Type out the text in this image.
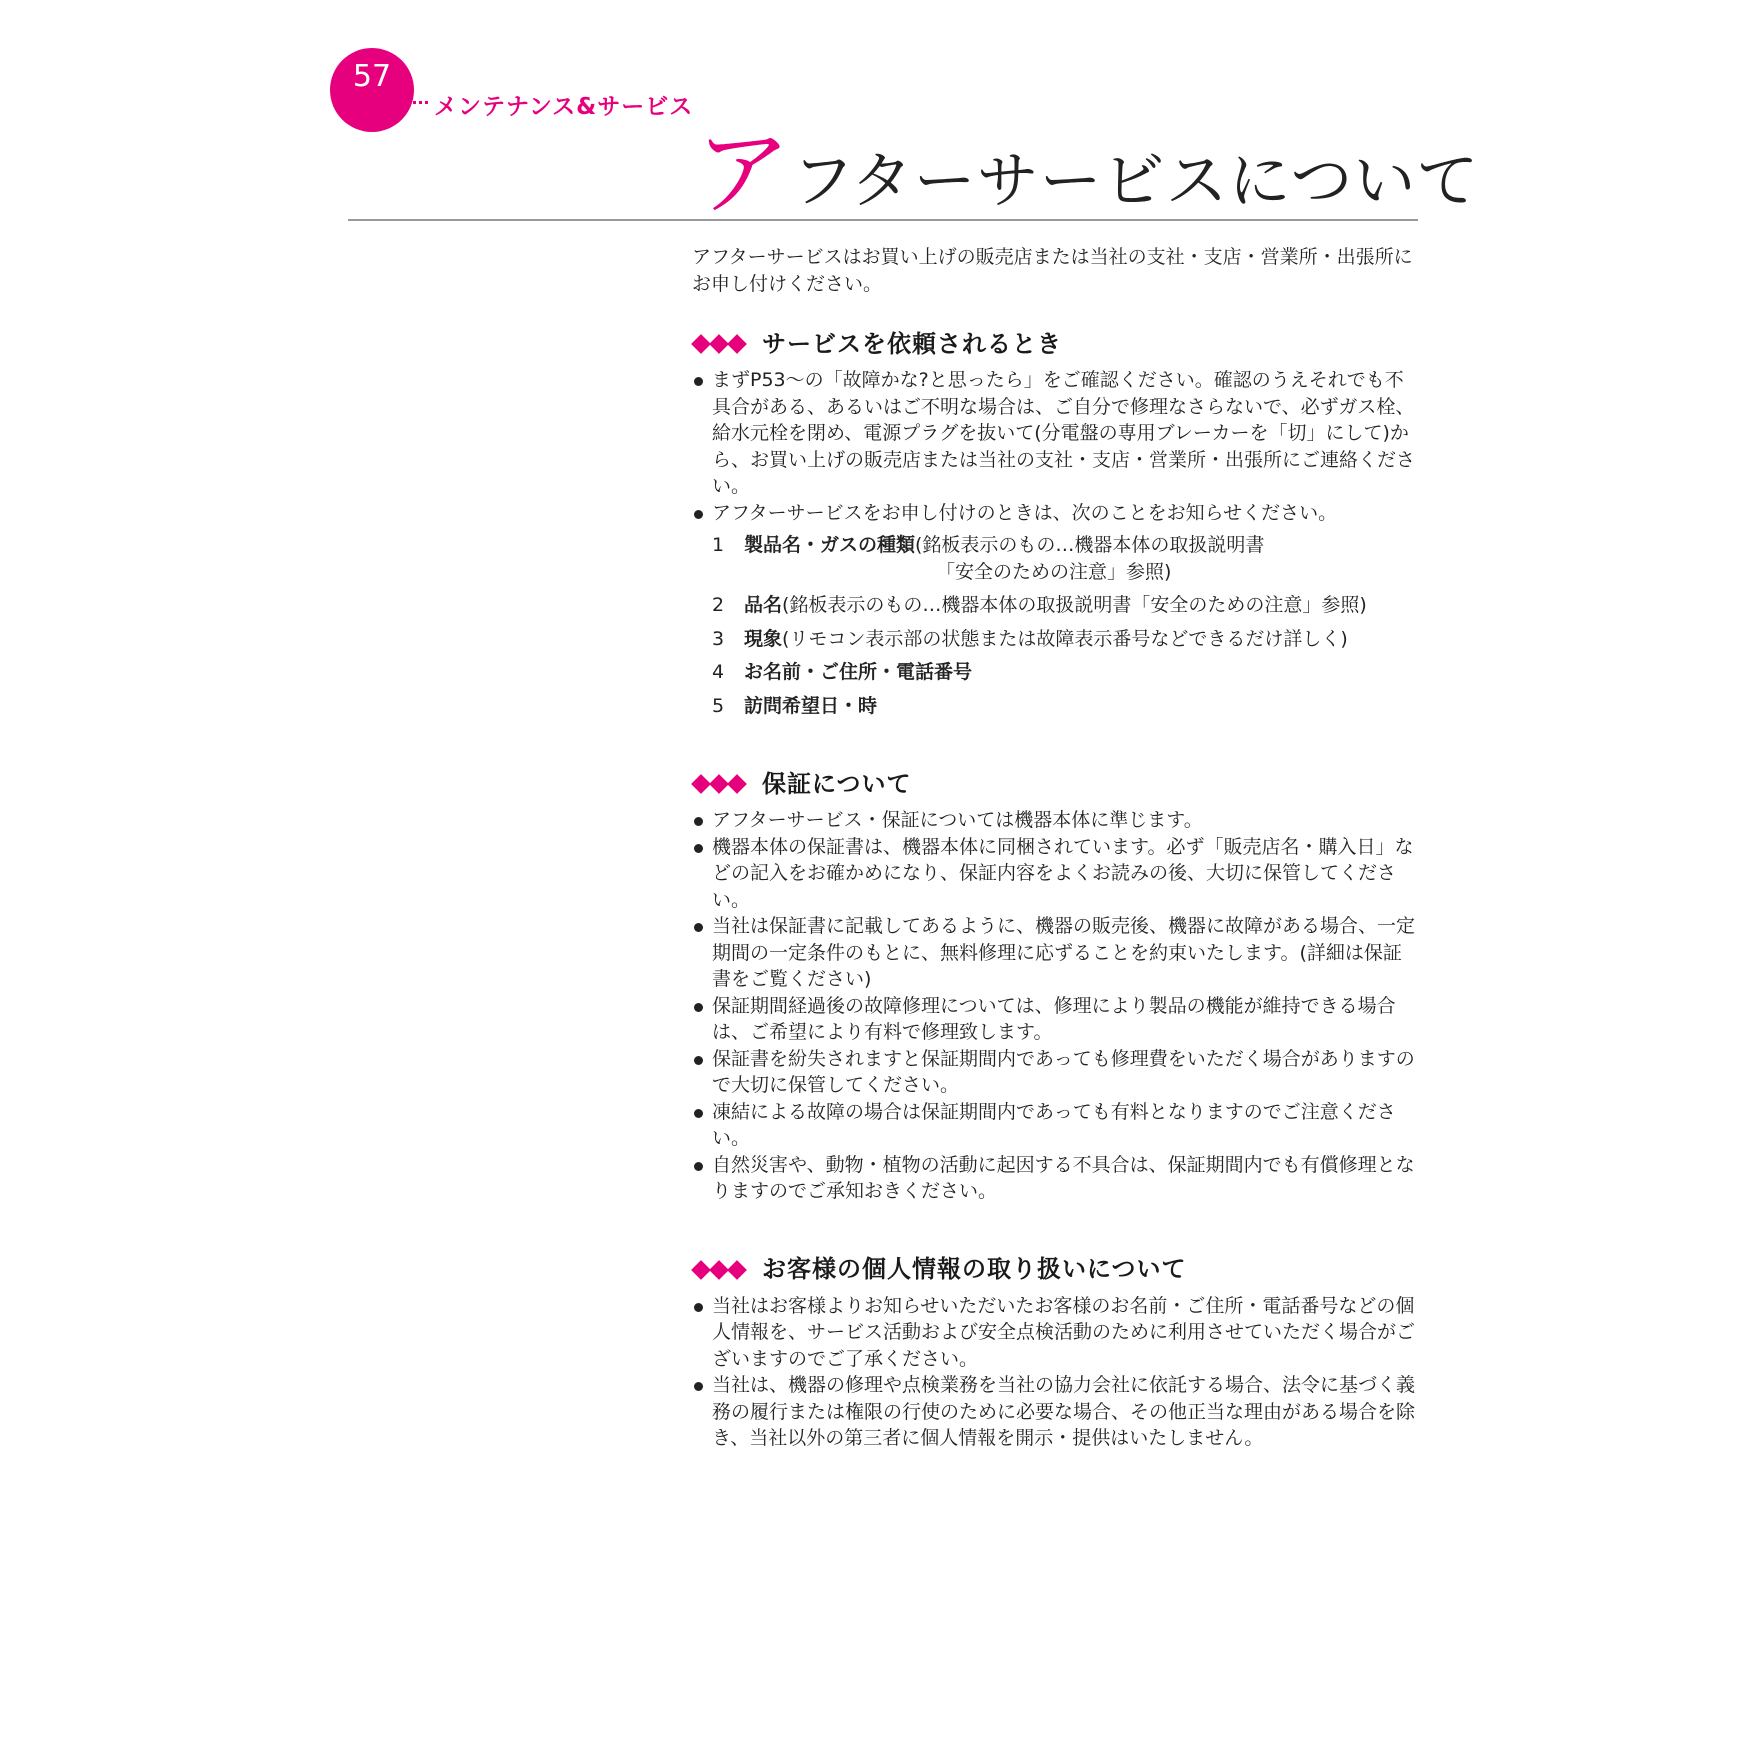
57
メンテナンス&サービス
アフターサービスについて

アフターサービスはお買い上げの販売店または当社の支社・支店・営業所・出張所にお申し付けください。

サービスを依頼されるとき
まずP53〜の「故障かな?と思ったら」をご確認ください。確認のうえそれでも不具合がある、あるいはご不明な場合は、ご自分で修理なさらないで、必ずガス栓、給水元栓を閉め、電源プラグを抜いて(分電盤の専用ブレーカーを「切」にして)から、お買い上げの販売店または当社の支社・支店・営業所・出張所にご連絡ください。
アフターサービスをお申し付けのときは、次のことをお知らせください。
1 製品名・ガスの種類(銘板表示のもの…機器本体の取扱説明書
「安全のための注意」参照)
2 品名(銘板表示のもの…機器本体の取扱説明書「安全のための注意」参照)
3 現象(リモコン表示部の状態または故障表示番号などできるだけ詳しく)
4 お名前・ご住所・電話番号
5 訪問希望日・時
保証について
アフターサービス・保証については機器本体に準じます。
機器本体の保証書は、機器本体に同梱されています。必ず「販売店名・購入日」などの記入をお確かめになり、保証内容をよくお読みの後、大切に保管してください。
当社は保証書に記載してあるように、機器の販売後、機器に故障がある場合、一定期間の一定条件のもとに、無料修理に応ずることを約束いたします。(詳細は保証書をご覧ください)
保証期間経過後の故障修理については、修理により製品の機能が維持できる場合は、ご希望により有料で修理致します。
保証書を紛失されますと保証期間内であっても修理費をいただく場合がありますので大切に保管してください。
凍結による故障の場合は保証期間内であっても有料となりますのでご注意ください。
自然災害や、動物・植物の活動に起因する不具合は、保証期間内でも有償修理となりますのでご承知おきください。
お客様の個人情報の取り扱いについて
当社はお客様よりお知らせいただいたお客様のお名前・ご住所・電話番号などの個人情報を、サービス活動および安全点検活動のために利用させていただく場合がございますのでご了承ください。
当社は、機器の修理や点検業務を当社の協力会社に依託する場合、法令に基づく義務の履行または権限の行使のために必要な場合、その他正当な理由がある場合を除き、当社以外の第三者に個人情報を開示・提供はいたしません。
